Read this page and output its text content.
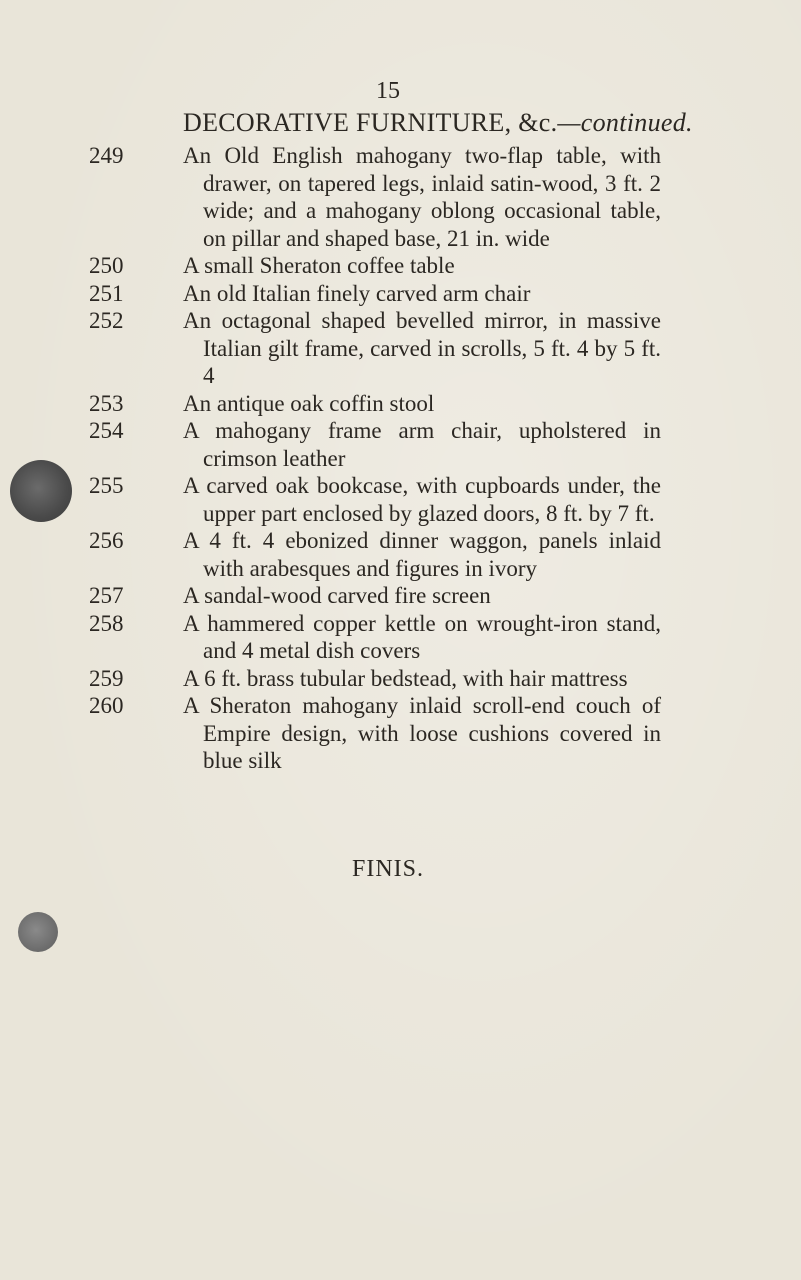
15
DECORATIVE FURNITURE, &c.—continued.
249	An Old English mahogany two-flap table, with drawer, on tapered legs, inlaid satin-wood, 3 ft. 2 wide; and a mahogany oblong occasional table, on pillar and shaped base, 21 in. wide
250	A small Sheraton coffee table
251	An old Italian finely carved arm chair
252	An octagonal shaped bevelled mirror, in massive Italian gilt frame, carved in scrolls, 5 ft. 4 by 5 ft. 4
253	An antique oak coffin stool
254	A mahogany frame arm chair, upholstered in crimson leather
255	A carved oak bookcase, with cupboards under, the upper part enclosed by glazed doors, 8 ft. by 7 ft.
256	A 4 ft. 4 ebonized dinner waggon, panels inlaid with arabesques and figures in ivory
257	A sandal-wood carved fire screen
258	A hammered copper kettle on wrought-iron stand, and 4 metal dish covers
259	A 6 ft. brass tubular bedstead, with hair mattress
260	A Sheraton mahogany inlaid scroll-end couch of Empire design, with loose cushions covered in blue silk
FINIS.
